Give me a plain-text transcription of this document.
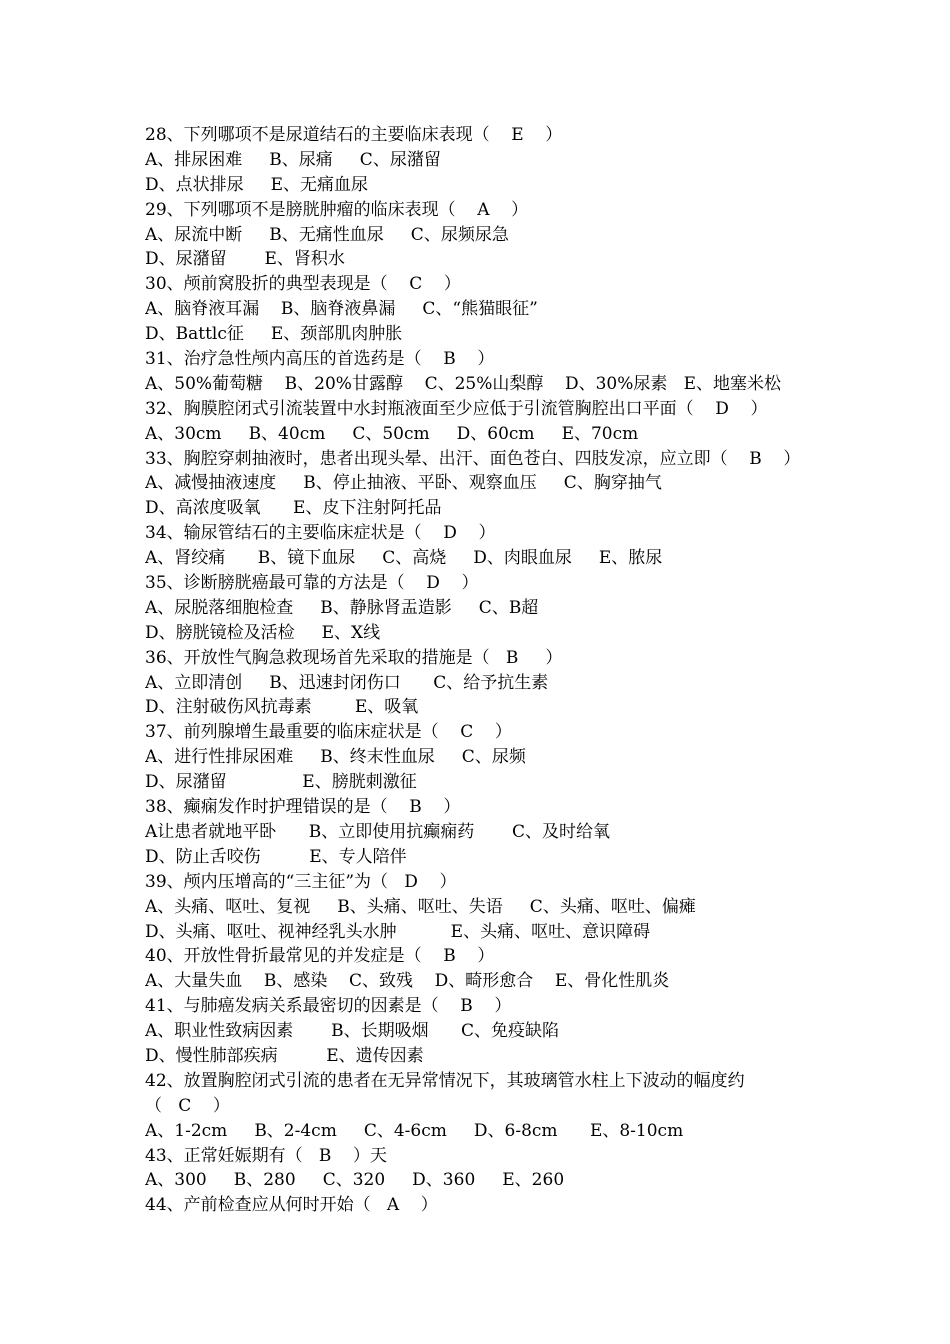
28、下列哪项不是尿道结石的主要临床表现（    E    ）
A、排尿困难     B、尿痛     C、尿潴留
D、点状排尿     E、无痛血尿
29、下列哪项不是膀胱肿瘤的临床表现（    A    ）
A、尿流中断     B、无痛性血尿     C、尿频尿急
D、尿潴留       E、肾积水
30、颅前窝股折的典型表现是（    C    ）
A、脑脊液耳漏    B、脑脊液鼻漏     C、“熊猫眼征”
D、Battlc征     E、颈部肌肉肿胀
31、治疗急性颅内高压的首选药是（    B    ）
A、50%葡萄糖    B、20%甘露醇    C、25%山梨醇    D、30%尿素   E、地塞米松
32、胸膜腔闭式引流装置中水封瓶液面至少应低于引流管胸腔出口平面（    D    ）
A、30cm     B、40cm     C、50cm     D、60cm     E、70cm
33、胸腔穿刺抽液时，患者出现头晕、出汗、面色苍白、四肢发凉，应立即（    B    ）
A、减慢抽液速度     B、停止抽液、平卧、观察血压     C、胸穿抽气
D、高浓度吸氧      E、皮下注射阿托品
34、输尿管结石的主要临床症状是（    D    ）
A、肾绞痛      B、镜下血尿     C、高烧     D、肉眼血尿     E、脓尿
35、诊断膀胱癌最可靠的方法是（    D    ）
A、尿脱落细胞检查     B、静脉肾盂造影     C、B超
D、膀胱镜检及活检     E、X线
36、开放性气胸急救现场首先采取的措施是（   B     ）
A、立即清创     B、迅速封闭伤口      C、给予抗生素
D、注射破伤风抗毒素        E、吸氧
37、前列腺增生最重要的临床症状是（    C    ）
A、进行性排尿困难     B、终末性血尿     C、尿频
D、尿潴留              E、膀胱刺激征
38、癫痫发作时护理错误的是（    B    ）
A让患者就地平卧      B、立即使用抗癫痫药       C、及时给氧
D、防止舌咬伤         E、专人陪伴
39、颅内压增高的“三主征”为（   D    ）
A、头痛、呕吐、复视     B、头痛、呕吐、失语     C、头痛、呕吐、偏瘫
D、头痛、呕吐、视神经乳头水肿          E、头痛、呕吐、意识障碍
40、开放性骨折最常见的并发症是（    B    ）
A、大量失血    B、感染    C、致残    D、畸形愈合    E、骨化性肌炎
41、与肺癌发病关系最密切的因素是（    B    ）
A、职业性致病因素       B、长期吸烟      C、免疫缺陷
D、慢性肺部疾病         E、遗传因素
42、放置胸腔闭式引流的患者在无异常情况下，其玻璃管水柱上下波动的幅度约
（   C    ）
A、1-2cm     B、2-4cm     C、4-6cm     D、6-8cm      E、8-10cm
43、正常妊娠期有（   B    ）天
A、300     B、280     C、320     D、360     E、260
44、产前检查应从何时开始（   A    ）
